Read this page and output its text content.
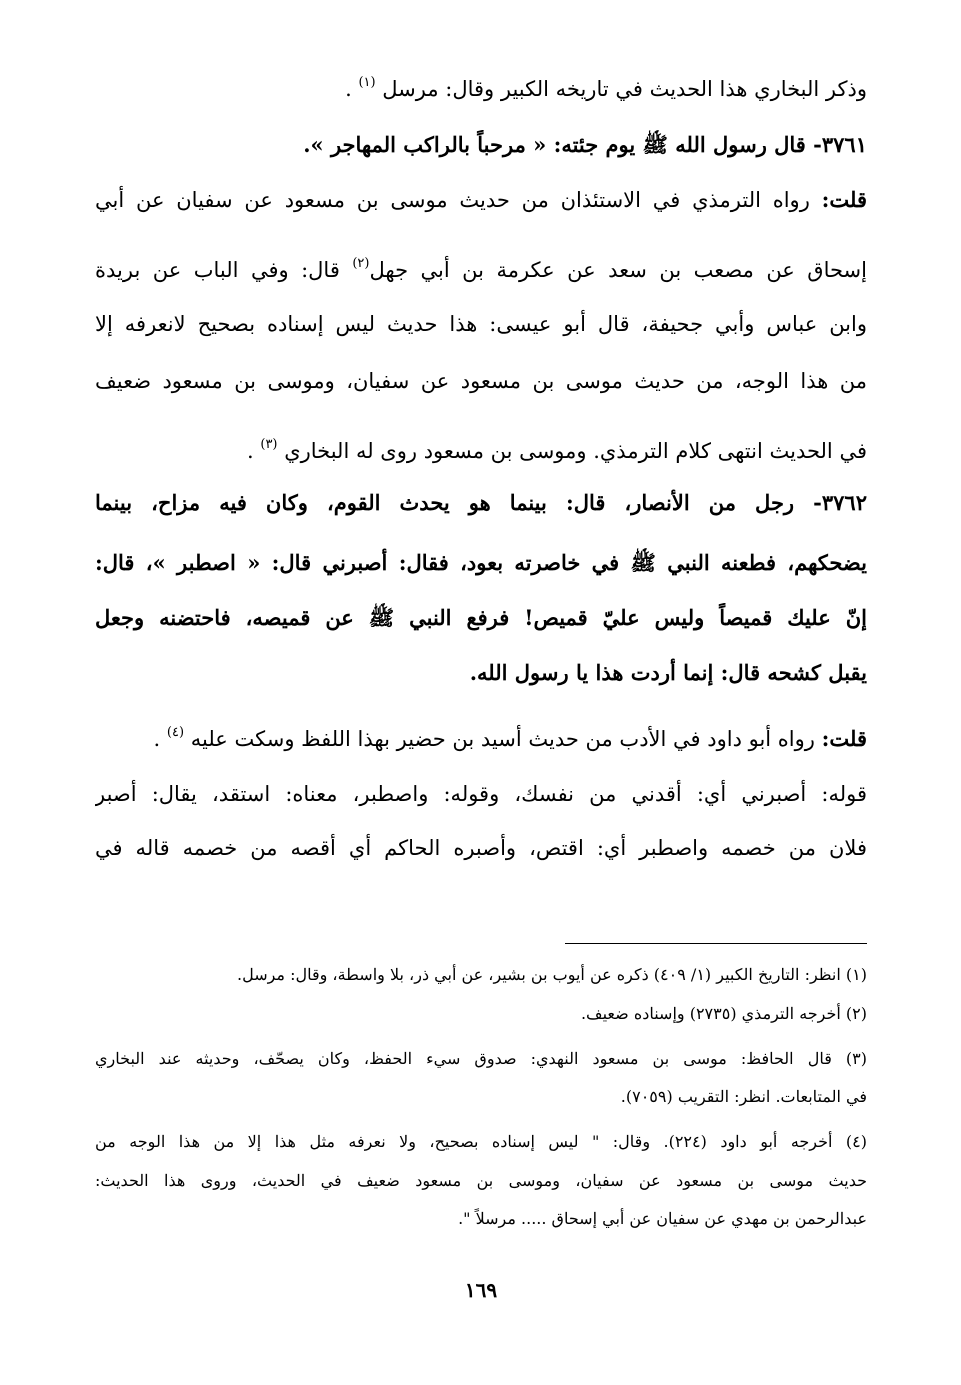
وذكر البخاري هذا الحديث في تاريخه الكبير وقال: مرسل $^{(١)}$ .
٣٧٦١- قال رسول الله ﷺ يوم جئته: « مرحباً بالراكب المهاجر ».
قلت: رواه الترمذي في الاستئذان من حديث موسى بن مسعود عن سفيان عن أبي
إسحاق عن مصعب بن سعد عن عكرمة بن أبي جهل$^{(٢)}$ قال: وفي الباب عن بريدة
وابن عباس وأبي جحيفة، قال أبو عيسى: هذا حديث ليس إسناده بصحيح لانعرفه إلا
من هذا الوجه، من حديث موسى بن مسعود عن سفيان، وموسى بن مسعود ضعيف
في الحديث انتهى كلام الترمذي. وموسى بن مسعود روى له البخاري $^{(٣)}$ .
٣٧٦٢- رجل من الأنصار، قال: بينما هو يحدث القوم، وكان فيه مزاح، بينما
يضحكهم، فطعنه النبي ﷺ في خاصرته بعود، فقال: أصبرني قال: « اصطبر »، قال:
إنّ عليك قميصاً وليس عليّ قميص! فرفع النبي ﷺ عن قميصه، فاحتضنه وجعل
يقبل كشحه قال: إنما أردت هذا يا رسول الله.
قلت: رواه أبو داود في الأدب من حديث أسيد بن حضير بهذا اللفظ وسكت عليه $^{(٤)}$ .
قوله: أصبرني أي: أقدني من نفسك، وقوله: واصطبر، معناه: استقد، يقال: أصبر
فلان من خصمه واصطبر أي: اقتص، وأصبره الحاكم أي أقصه من خصمه قاله في
(١) انظر: التاريخ الكبير (١/ ٤٠٩) ذكره عن أيوب بن بشير، عن أبي ذر، بلا واسطة، وقال: مرسل.
(٢) أخرجه الترمذي (٢٧٣٥) وإسناده ضعيف.
(٣) قال الحافظ: موسى بن مسعود النهدي: صدوق سيء الحفظ، وكان يصحّف، وحديثه عند البخاري
في المتابعات. انظر: التقريب (٧٠٥٩).
(٤) أخرجه أبو داود (٢٢٤). وقال: " ليس إسناده بصحيح، ولا نعرفه مثل هذا إلا من هذا الوجه من
حديث موسى بن مسعود عن سفيان، وموسى بن مسعود ضعيف في الحديث، وروى هذا الحديث:
عبدالرحمن بن مهدي عن سفيان عن أبي إسحاق ..... مرسلاً ".
١٦٩
